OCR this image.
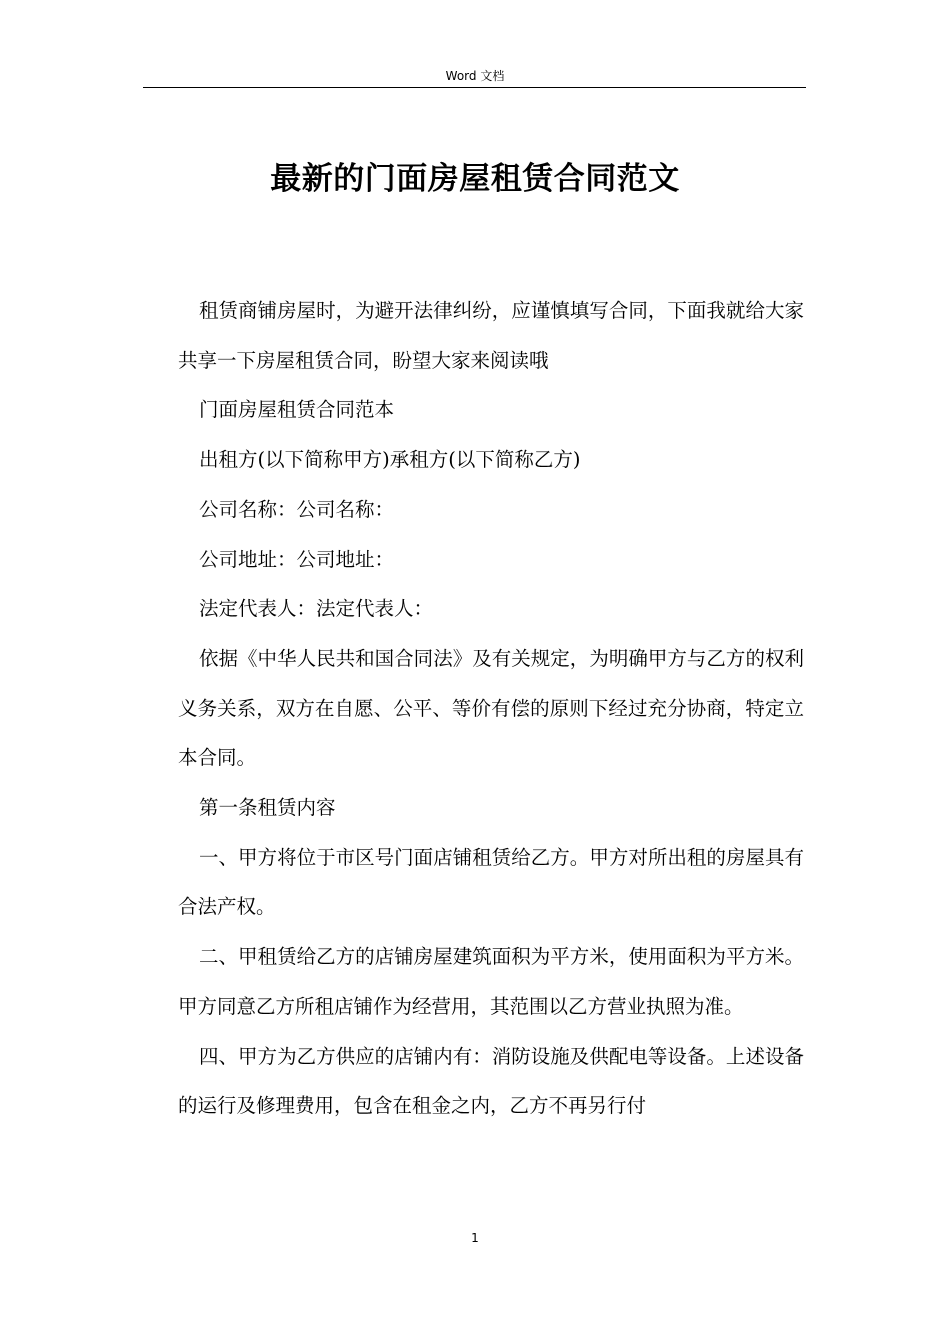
Word 文档
最新的门面房屋租赁合同范文

租赁商铺房屋时，为避开法律纠纷，应谨慎填写合同，下面我就给大家共享一下房屋租赁合同，盼望大家来阅读哦

门面房屋租赁合同范本

出租方(以下简称甲方)承租方(以下简称乙方)

公司名称：公司名称：

公司地址：公司地址：

法定代表人：法定代表人：

依据《中华人民共和国合同法》及有关规定，为明确甲方与乙方的权利义务关系，双方在自愿、公平、等价有偿的原则下经过充分协商，特定立本合同。

第一条租赁内容

一、甲方将位于市区号门面店铺租赁给乙方。甲方对所出租的房屋具有合法产权。

二、甲租赁给乙方的店铺房屋建筑面积为平方米，使用面积为平方米。甲方同意乙方所租店铺作为经营用，其范围以乙方营业执照为准。

四、甲方为乙方供应的店铺内有：消防设施及供配电等设备。上述设备的运行及修理费用，包含在租金之内，乙方不再另行付

1
